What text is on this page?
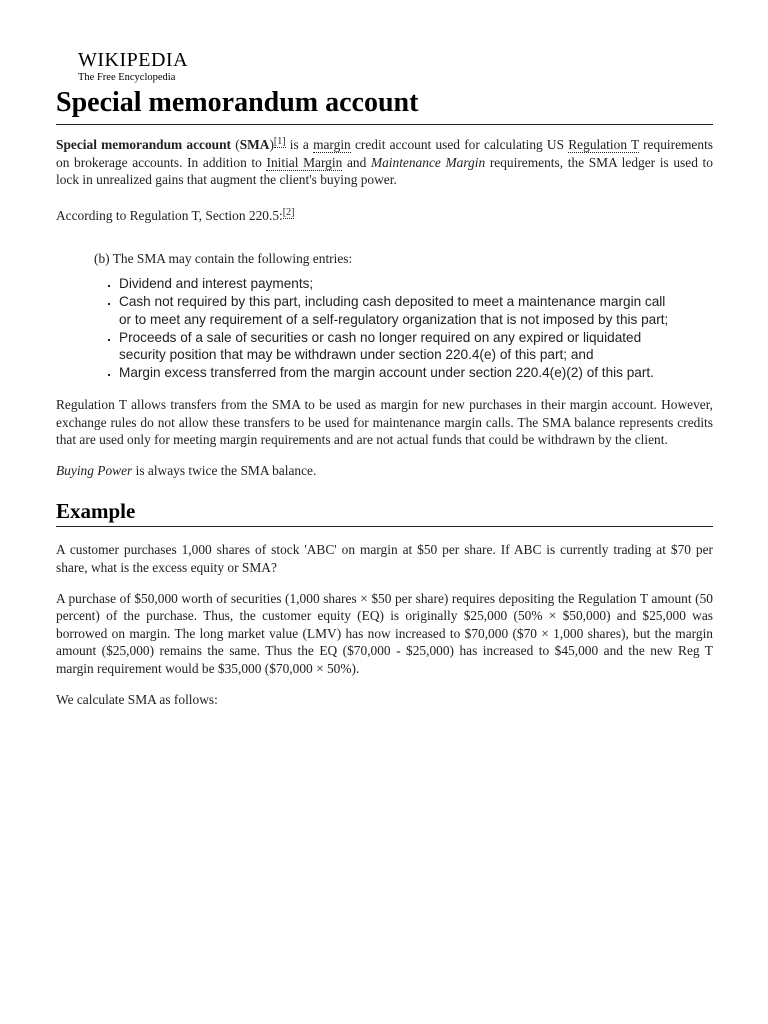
WIKIPEDIA
The Free Encyclopedia
Special memorandum account

Special memorandum account (SMA)[1] is a margin credit account used for calculating US Regulation T requirements on brokerage accounts. In addition to Initial Margin and Maintenance Margin requirements, the SMA ledger is used to lock in unrealized gains that augment the client's buying power.

According to Regulation T, Section 220.5:[2]

(b) The SMA may contain the following entries:

▪ Dividend and interest payments;
▪ Cash not required by this part, including cash deposited to meet a maintenance margin call or to meet any requirement of a self-regulatory organization that is not imposed by this part;
▪ Proceeds of a sale of securities or cash no longer required on any expired or liquidated security position that may be withdrawn under section 220.4(e) of this part; and
▪ Margin excess transferred from the margin account under section 220.4(e)(2) of this part.

Regulation T allows transfers from the SMA to be used as margin for new purchases in their margin account. However, exchange rules do not allow these transfers to be used for maintenance margin calls. The SMA balance represents credits that are used only for meeting margin requirements and are not actual funds that could be withdrawn by the client.

Buying Power is always twice the SMA balance.

Example

A customer purchases 1,000 shares of stock 'ABC' on margin at $50 per share. If ABC is currently trading at $70 per share, what is the excess equity or SMA?

A purchase of $50,000 worth of securities (1,000 shares × $50 per share) requires depositing the Regulation T amount (50 percent) of the purchase. Thus, the customer equity (EQ) is originally $25,000 (50% × $50,000) and $25,000 was borrowed on margin. The long market value (LMV) has now increased to $70,000 ($70 × 1,000 shares), but the margin amount ($25,000) remains the same. Thus the EQ ($70,000 - $25,000) has increased to $45,000 and the new Reg T margin requirement would be $35,000 ($70,000 × 50%).

We calculate SMA as follows:
